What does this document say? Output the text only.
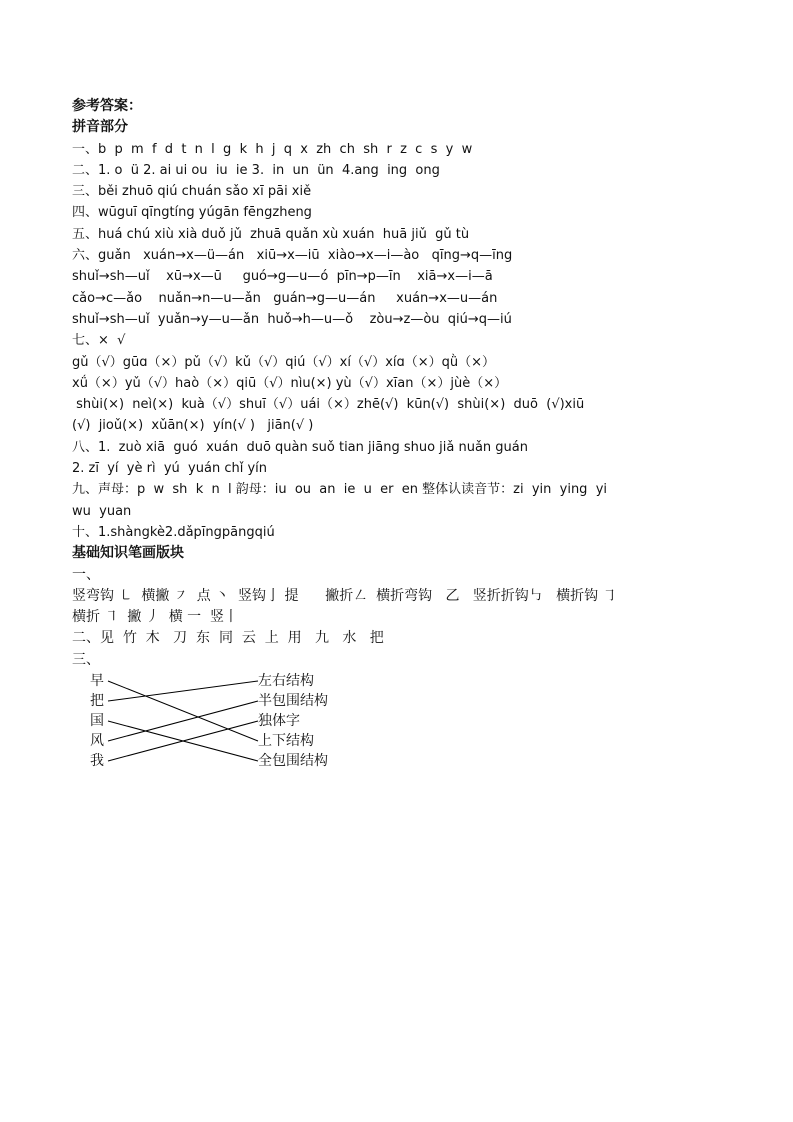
参考答案：
拼音部分
一、b  p  m  f  d  t  n  l  g  k  h  j  q  x  zh  ch  sh  r  z  c  s  y  w
二、1. o  ü 2. ai ui ou  iu  ie 3.  in  un  ün  4.ang  ing  ong
三、běi zhuō qiú chuán sǎo xī pāi xiě
四、wūguī qīngtíng yúgān fēngzheng
五、huá chú xiù xià duǒ jǔ  zhuā quǎn xù xuán  huā jiǔ  gǔ tù
六、guǎn   xuán→x—ü—án   xiū→x—iū  xiào→x—i—ào   qīng→q—īng
shuǐ→sh—uǐ    xū→x—ū     guó→g—u—ó  pīn→p—īn    xiā→x—i—ā
cǎo→c—ǎo    nuǎn→n—u—ǎn   guán→g—u—án     xuán→x—u—án
shuǐ→sh—uǐ  yuǎn→y—u—ǎn  huǒ→h—u—ǒ    zòu→z—òu  qiú→q—iú
七、×  √
gǔ（√）gūɑ（×）pǔ（√）kǔ（√）qiú（√）xí（√）xíɑ（×）qǜ（×）
xǘ（×）yǔ（√）haò（×）qiū（√）nìu(×) yù（√）xīan（×）jùè（×）
shùi(×)  neì(×)  kuà（√）shuī（√）uái（×）zhē(√)  kūn(√)  shùi(×)  duō  (√)xiū
(√)  jioǔ(×)  xǔān(×)  yín(√ )   jiān(√ )
八、1.  zuò xiā  guó  xuán  duō quàn suǒ tian jiāng shuo jiǎ nuǎn guán
2. zī  yí  yè rì  yú  yuán chǐ yín
九、声母：p  w  sh  k  n  l 韵母：iu  ou  an  ie  u  er  en 整体认读音节：zi  yin  ying  yi
wu  yuan
十、1.shàngkè2.dǎpīngpāngqiú
基础知识笔画版块
一、
竖弯钩 ㇄  横撇 ㇇  点 丶  竖钩亅 提      撇折㇜  横折弯钩   乙   竖折折钩㇉   横折钩 ㇆
横折 ㇕  撇 丿  横 一  竖丨
二、见  竹  木   刀  东  同  云  上  用   九   水   把
三、
早
把
国
风
我
左右结构
半包围结构
独体字
上下结构
全包围结构
